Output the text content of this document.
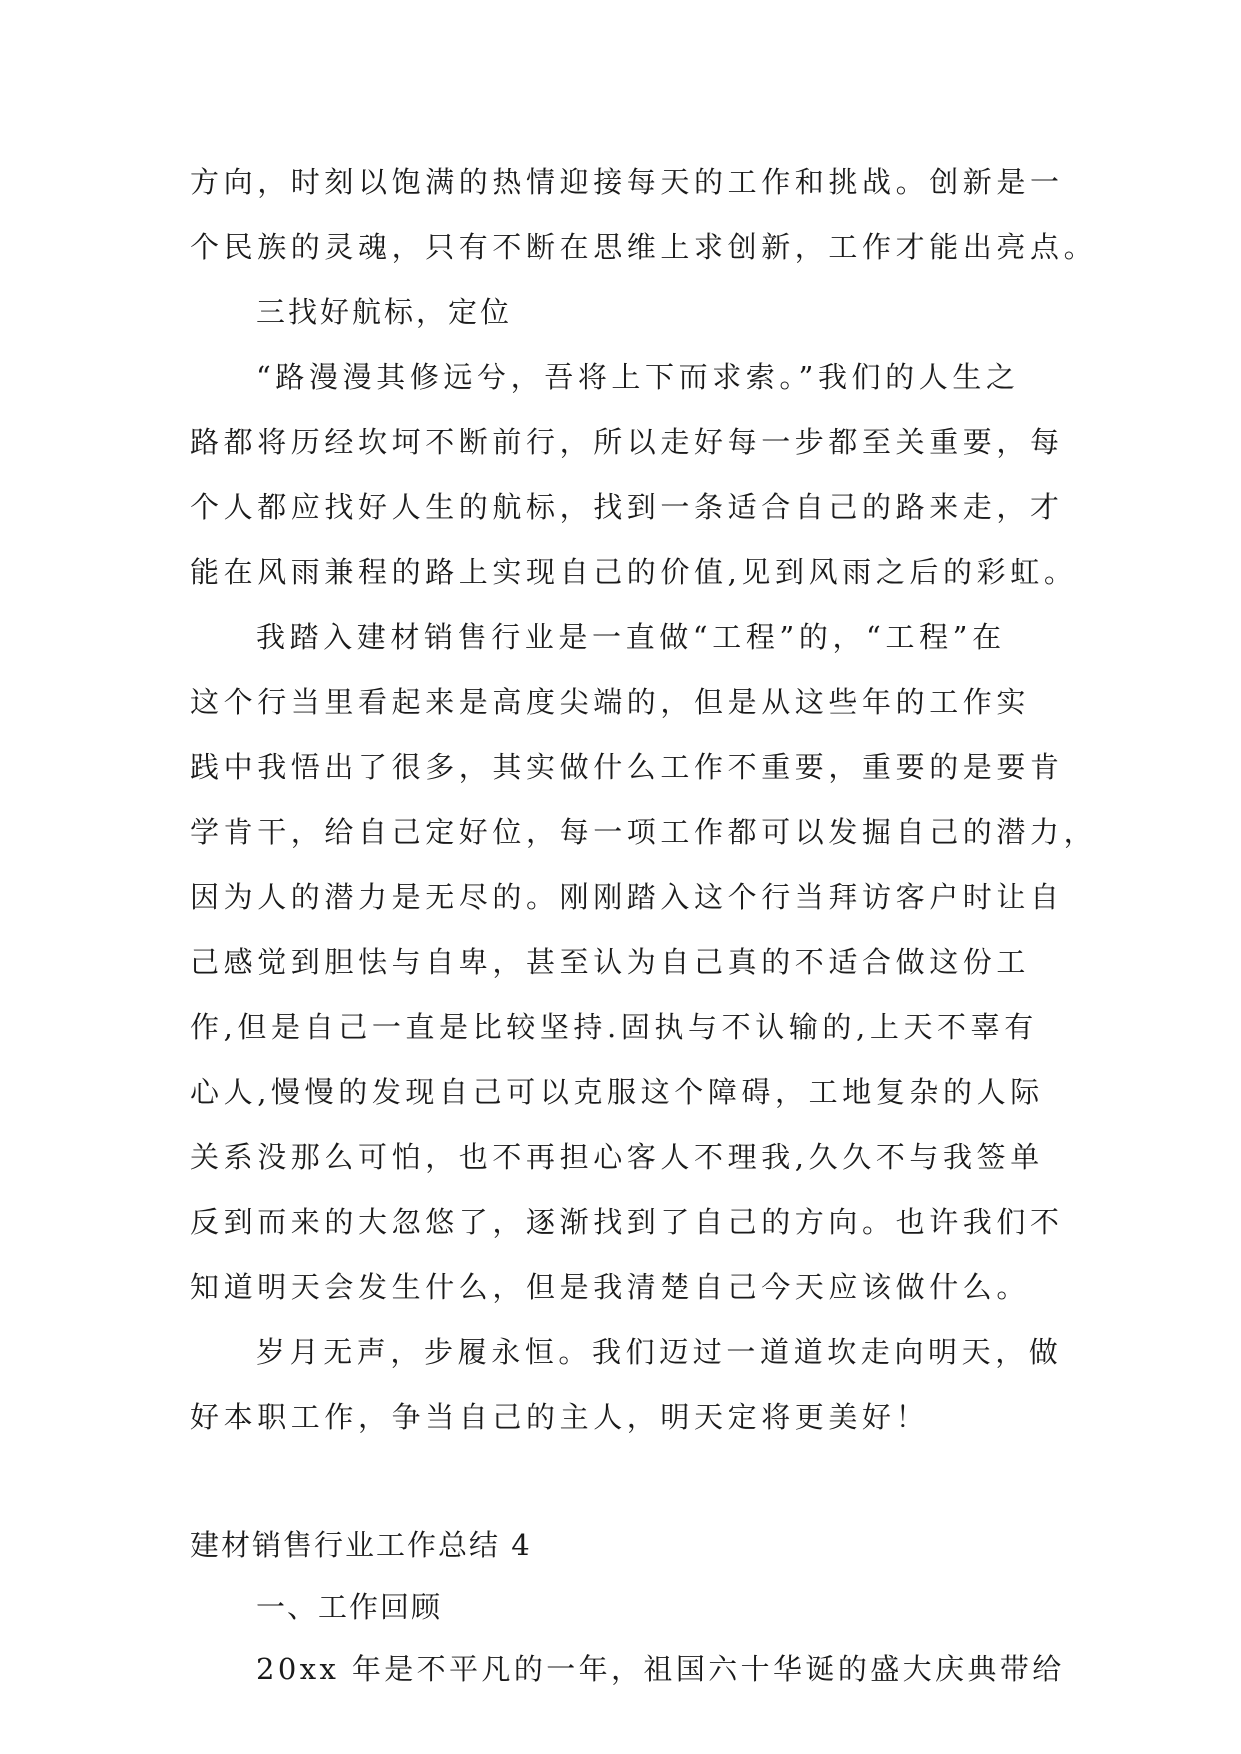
方向，时刻以饱满的热情迎接每天的工作和挑战。创新是一
个民族的灵魂，只有不断在思维上求创新，工作才能出亮点。
三找好航标，定位
“路漫漫其修远兮，吾将上下而求索。”我们的人生之
路都将历经坎坷不断前行，所以走好每一步都至关重要，每
个人都应找好人生的航标，找到一条适合自己的路来走，才
能在风雨兼程的路上实现自己的价值,见到风雨之后的彩虹。
我踏入建材销售行业是一直做“工程”的，“工程”在
这个行当里看起来是高度尖端的，但是从这些年的工作实
践中我悟出了很多，其实做什么工作不重要，重要的是要肯
学肯干，给自己定好位，每一项工作都可以发掘自己的潜力，
因为人的潜力是无尽的。刚刚踏入这个行当拜访客户时让自
己感觉到胆怯与自卑，甚至认为自己真的不适合做这份工
作,但是自己一直是比较坚持.固执与不认输的,上天不辜有
心人,慢慢的发现自己可以克服这个障碍，工地复杂的人际
关系没那么可怕，也不再担心客人不理我,久久不与我签单
反到而来的大忽悠了，逐渐找到了自己的方向。也许我们不
知道明天会发生什么，但是我清楚自己今天应该做什么。
岁月无声，步履永恒。我们迈过一道道坎走向明天，做
好本职工作，争当自己的主人，明天定将更美好！
建材销售行业工作总结 4
一、工作回顾
20xx 年是不平凡的一年，祖国六十华诞的盛大庆典带给
